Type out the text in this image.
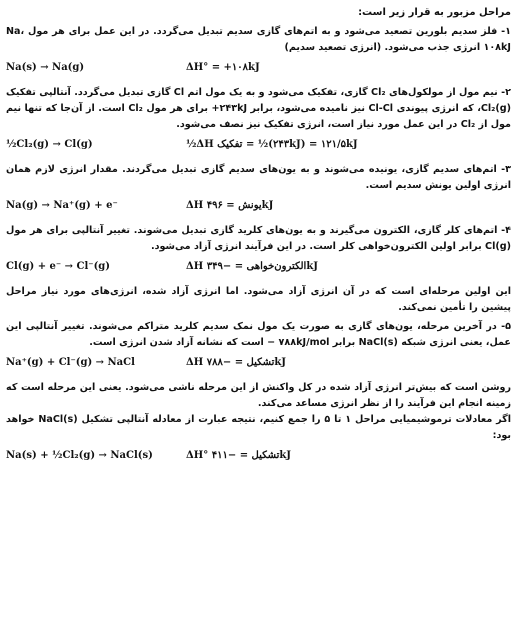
مراحل مزبور به قرار زیر است:

۱- فلز سدیم بلورین تصعید می‌شود و به اتم‌های گازی سدیم تبدیل می‌گردد. در این عمل برای هر مول Na، ۱۰۸kJ انرژی جذب می‌شود. (انرژی تصعید سدیم)

Na(s) → Na(g)	ΔH° = +۱۰۸kJ

۲- نیم مول از مولکول‌های Cl₂ گازی، تفکیک می‌شود و به یک مول اتم Cl گازی تبدیل می‌گردد. آنتالپی تفکیک Cl₂(g)، که انرژی پیوندی Cl-Cl نیز نامیده می‌شود، برابر ۲۴۳kJ+ برای هر مول Cl₂ است. از آن‌جا که تنها نیم مول از Cl₂ در این عمل مورد نیاز است، انرژی تفکیک نیز نصف می‌شود.

½Cl₂(g) → Cl(g)	½ΔH تفکیک = ½(۲۴۳kJ) = ۱۲۱/۵kJ

۳- اتم‌های سدیم گازی، یونیده می‌شوند و به یون‌های سدیم گازی تبدیل می‌گردند. مقدار انرژی لازم همان انرژی اولین یونش سدیم است.

Na(g) → Na⁺(g) + e⁻	ΔH یونش = ۴۹۶kJ

۴- اتم‌های کلر گازی، الکترون می‌گیرند و به یون‌های کلرید گازی تبدیل می‌شوند. تغییر آنتالپی برای هر مول Cl(g) برابر اولین الکترون‌خواهی کلر است. در این فرآیند انرژی آزاد می‌شود.

Cl(g) + e⁻ → Cl⁻(g)	ΔH الکترون‌خواهی = −۳۴۹kJ

این اولین مرحله‌ای است که در آن انرژی آزاد می‌شود. اما انرژی آزاد شده، انرژی‌های مورد نیاز مراحل پیشین را تأمین نمی‌کند.

۵- در آخرین مرحله، یون‌های گازی به صورت یک مول نمک سدیم کلرید متراکم می‌شوند. تغییر آنتالپی این عمل، یعنی انرژی شبکه NaCl(s) برابر ۷۸۸kJ/mol − است که نشانه آزاد شدن انرژی است.

Na⁺(g) + Cl⁻(g) → NaCl	ΔH تشکیل = −۷۸۸kJ

روشن است که بیش‌تر انرژی آزاد شده در کل واکنش از این مرحله ناشی می‌شود. یعنی این مرحله است که زمینه انجام این فرآیند را از نظر انرژی مساعد می‌کند.

اگر معادلات ترموشیمیایی مراحل ۱ تا ۵ را جمع کنیم، نتیجه عبارت از معادله آنتالپی تشکیل NaCl(s) خواهد بود:

Na(s) + ½Cl₂(g) → NaCl(s)	ΔH° تشکیل = −۴۱۱kJ
